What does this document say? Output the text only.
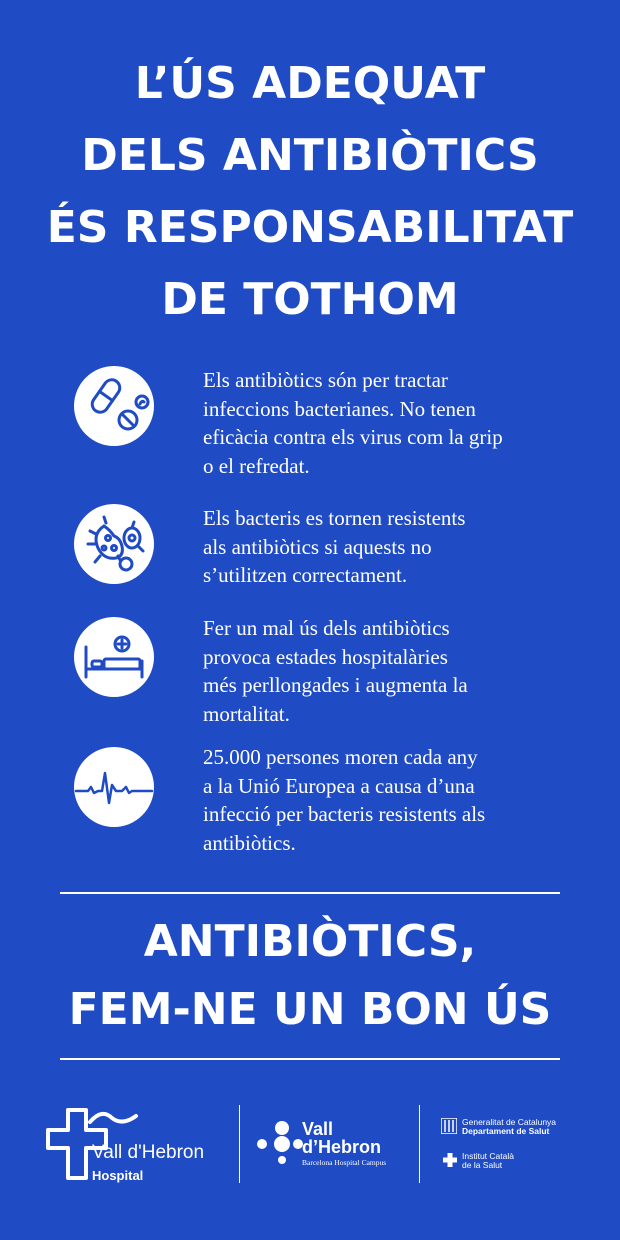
L’ÚS ADEQUAT
DELS ANTIBIÒTICS
ÉS RESPONSABILITAT
DE TOTHOM
Els antibiòtics són per tractar
infeccions bacterianes. No tenen
eficàcia contra els virus com la grip
o el refredat.
Els bacteris es tornen resistents
als antibiòtics si aquests no
s’utilitzen correctament.
Fer un mal ús dels antibiòtics
provoca estades hospitalàries
més perllongades i augmenta la
mortalitat.
25.000 persones moren cada any
a la Unió Europea a causa d’una
infecció per bacteris resistents als
antibiòtics.
ANTIBIÒTICS,
FEM-NE UN BON ÚS
Vall d'Hebron
Hospital
Vall
d’Hebron
Barcelona Hospital Campus
Generalitat de Catalunya
Departament de Salut
Institut Català
de la Salut
